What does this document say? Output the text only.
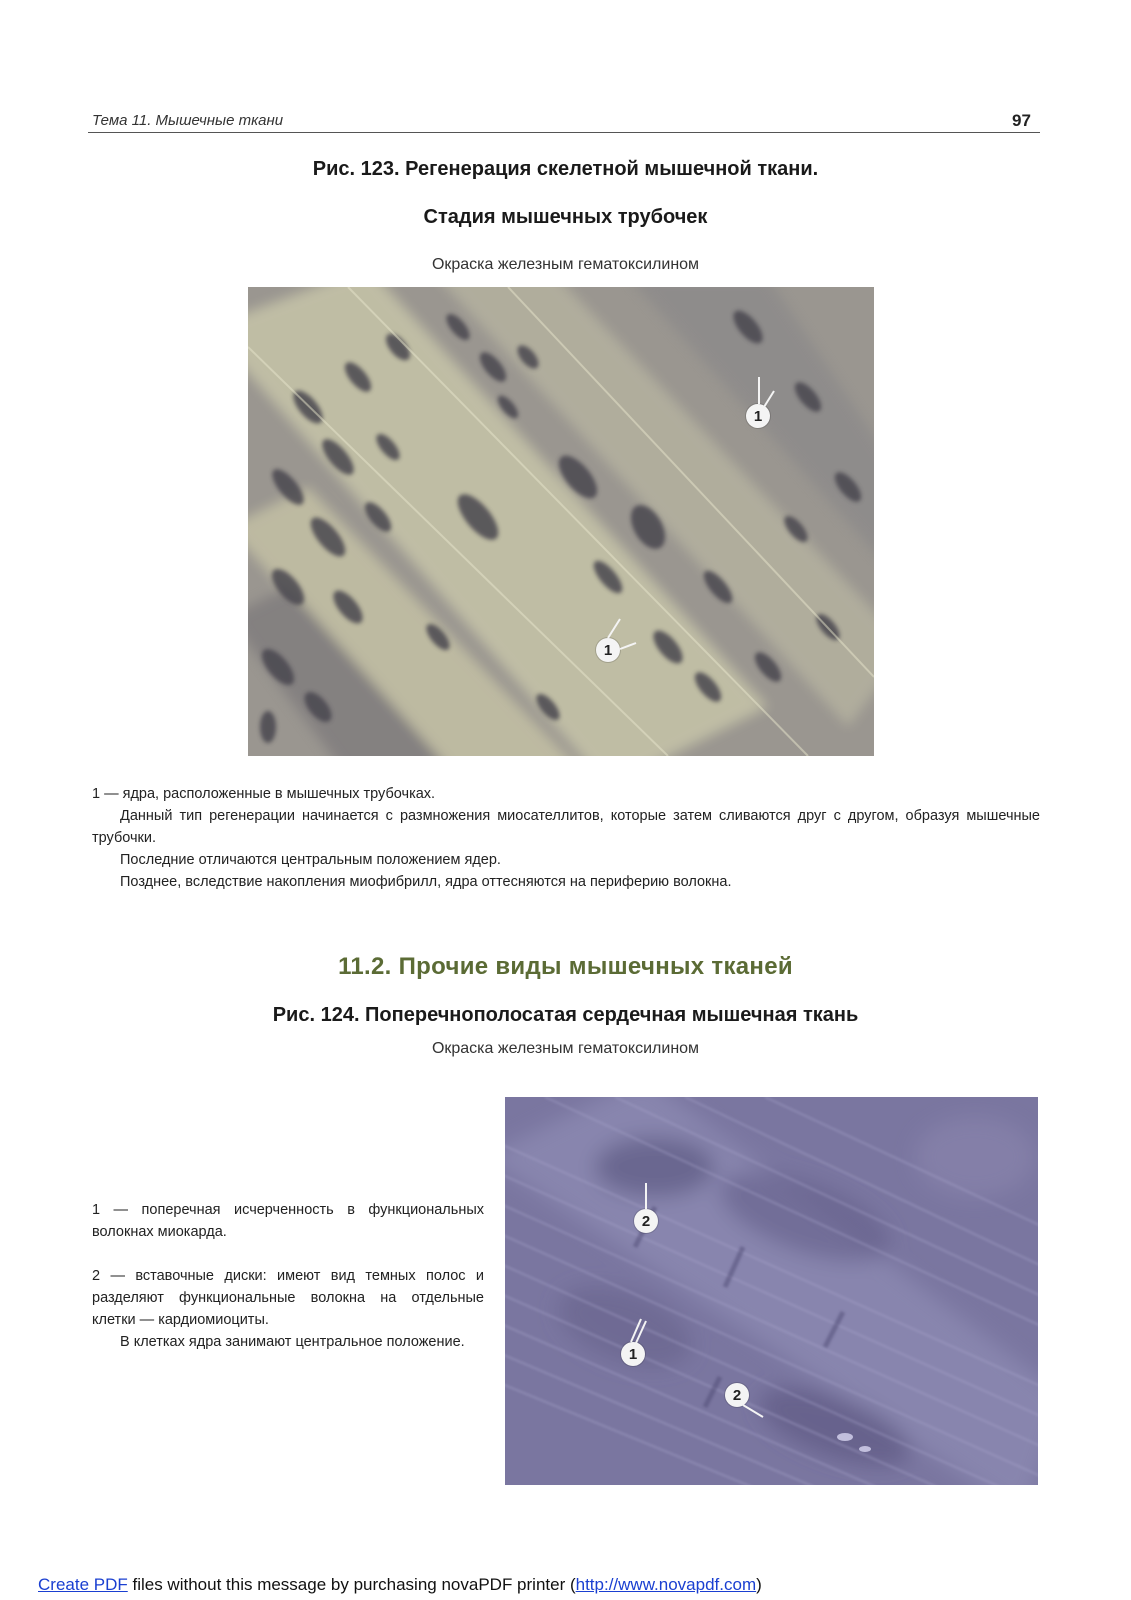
Тема 11. Мышечные ткани	97
Рис. 123. Регенерация скелетной мышечной ткани.
Стадия мышечных трубочек
Окраска железным гематоксилином
1
1

1 — ядра, расположенные в мышечных трубочках.

Данный тип регенерации начинается с размножения миосателлитов, которые затем сливаются друг с другом, образуя мышечные трубочки.

Последние отличаются центральным положением ядер.

Позднее, вследствие накопления миофибрилл, ядра оттесняются на периферию волокна.

11.2. Прочие виды мышечных тканей
Рис. 124. Поперечнополосатая сердечная мышечная ткань
Окраска железным гематоксилином

1 — поперечная исчерченность в функциональных волокнах миокарда.

2 — вставочные диски: имеют вид темных полос и разделяют функциональные волокна на отдельные клетки — кардиомиоциты.

В клетках ядра занимают центральное положение.

2
1
2
Create PDF files without this message by purchasing novaPDF printer (http://www.novapdf.com)
